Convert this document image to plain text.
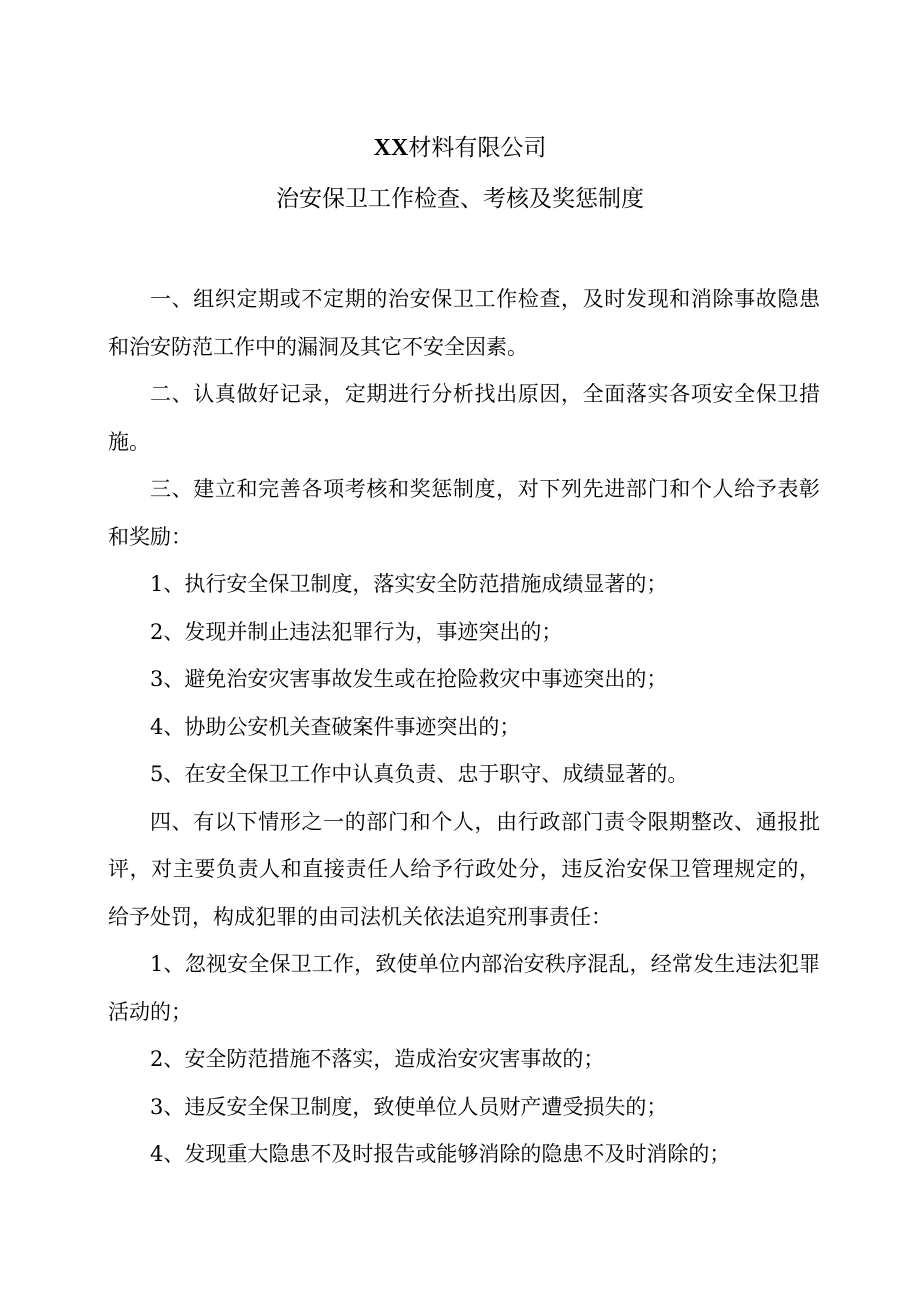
XX材料有限公司
治安保卫工作检查、考核及奖惩制度

一、组织定期或不定期的治安保卫工作检查，及时发现和消除事故隐患和治安防范工作中的漏洞及其它不安全因素。

二、认真做好记录，定期进行分析找出原因，全面落实各项安全保卫措施。

三、建立和完善各项考核和奖惩制度，对下列先进部门和个人给予表彰和奖励：

1、执行安全保卫制度，落实安全防范措施成绩显著的；

2、发现并制止违法犯罪行为，事迹突出的；

3、避免治安灾害事故发生或在抢险救灾中事迹突出的；

4、协助公安机关查破案件事迹突出的；

5、在安全保卫工作中认真负责、忠于职守、成绩显著的。

四、有以下情形之一的部门和个人，由行政部门责令限期整改、通报批评，对主要负责人和直接责任人给予行政处分，违反治安保卫管理规定的，给予处罚，构成犯罪的由司法机关依法追究刑事责任：

1、忽视安全保卫工作，致使单位内部治安秩序混乱，经常发生违法犯罪活动的；

2、安全防范措施不落实，造成治安灾害事故的；

3、违反安全保卫制度，致使单位人员财产遭受损失的；

4、发现重大隐患不及时报告或能够消除的隐患不及时消除的；
